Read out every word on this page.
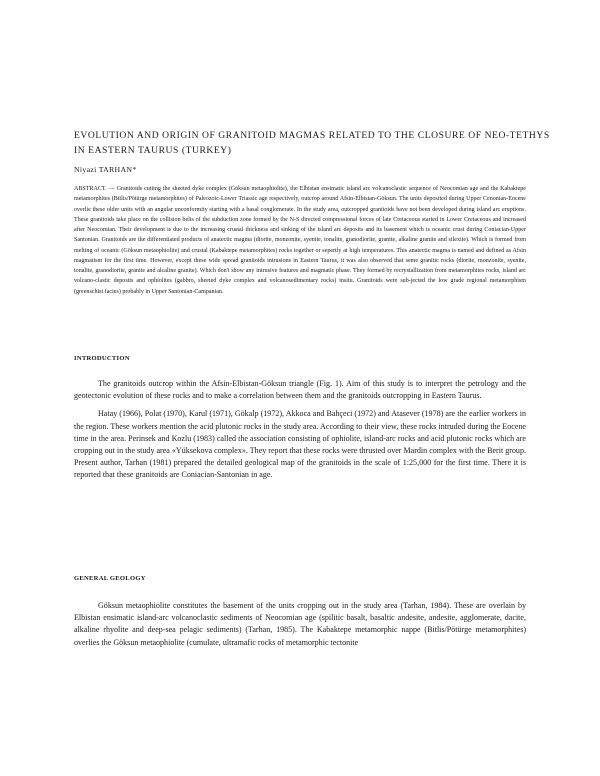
EVOLUTION AND ORIGIN OF GRANITOID MAGMAS RELATED TO THE CLOSURE OF NEO-TETHYS IN EASTERN TAURUS (TURKEY)
Niyazi TARHAN*
ABSTRACT. — Granitoids cutting the sheeted dyke complex (Göksun metaophiolite), the Elbistan ensimatic island arc volcanoclastic sequence of Neocomian age and the Kabaktepe metamorphites (Bitlis/Pötürge metamorphites) of Paleozoic-Lower Triassic age respectively, outcrop around Afsin-Elbistan-Göksun. The units deposited during Upper Cenonian-Eocene overlie these older units with an angular unconformity starting with a basal conglomerate. In the study area, outcropped granitoids have not been developed during island arc eruptions. These granitoids take place on the collision belts of the subduction zone formed by the N-S directed compressional forces of late Cretaceous started in Lower Cretaceous and increased after Neocomian. Their development is due to the increasing crustal thickness and sinking of the island arc deposits and its basement which is oceanic crust during Coniacian-Upper Santonian. Granitoids are the differentiated products of anatectic magma (diorite, monzonite, syenite, tonalite, granodiorite, granite, alkaline granite and silexite). Which is formed from melting of oceanic (Göksun metaophiolite) and crustal (Kabaktepe metamorphites) rocks together or sepertly at high temperatures. This anatectic magma is named and defined as Afsin magmatism for the first time. However, except these wide spread granitoids intrusions in Eastern Taurus, it was also observed that seme granitic rocks (diorite, monzonite, syenite, tonalite, granodiorite, granite and alcaline granite). Which don't show any intrusive features and magmatic phase. They formed by recrystallization from metamorphites rocks, island arc volcano-clastic deposits and ophiolites (gabbro, sheeted dyke complex and volcanosedimentary rocks) insitu. Granitoids were sub-jected the low grade regional metamorphism (greenschist facies) probably in Upper Santonian-Campanian.
INTRODUCTION

The granitoids outcrop within the Afsin-Elbistan-Göksun triangle (Fig. 1). Aim of this study is to interpret the petrology and the geotectonic evolution of these rocks and to make a correlation between them and the granitoids outcropping in Eastern Taurus.

Hatay (1966), Polat (1970), Karul (1971), Gökalp (1972), Akkoca and Bahçeci (1972) and Atasever (1978) are the earlier workers in the region. These workers mention the acid plutonic rocks in the study area. According to their view, these rocks intruded during the Eocene time in the area. Perinsek and Kozlu (1983) called the association consisting of ophiolite, island-arc rocks and acid plutonic rocks which are cropping out in the study area «Yüksekova complex». They report that these rocks were thrusted over Mardin complex with the Berit group. Present author, Tarhan (1981) prepared the detailed geological map of the granitoids in the scale of 1:25,000 for the first time. There it is reported that these granitoids are Coniacian-Santonian in age.

GENERAL GEOLOGY

Göksun metaophiolite constitutes the basement of the units cropping out in the study area (Tarhan, 1984). These are overlain by Elbistan ensimatic island-arc volcanoclastic sediments of Neocomian age (spilitic basalt, basaltic andesite, andesite, agglomerate, dacite, alkaline rhyolite and deep-sea pelagic sediments) (Tarhan, 1985). The Kabaktepe metamorphic nappe (Bitlis/Pötürge metamorphites) overlies the Göksun metaophiolite (cumulate, ultramafic rocks of metamorphic tectonite
